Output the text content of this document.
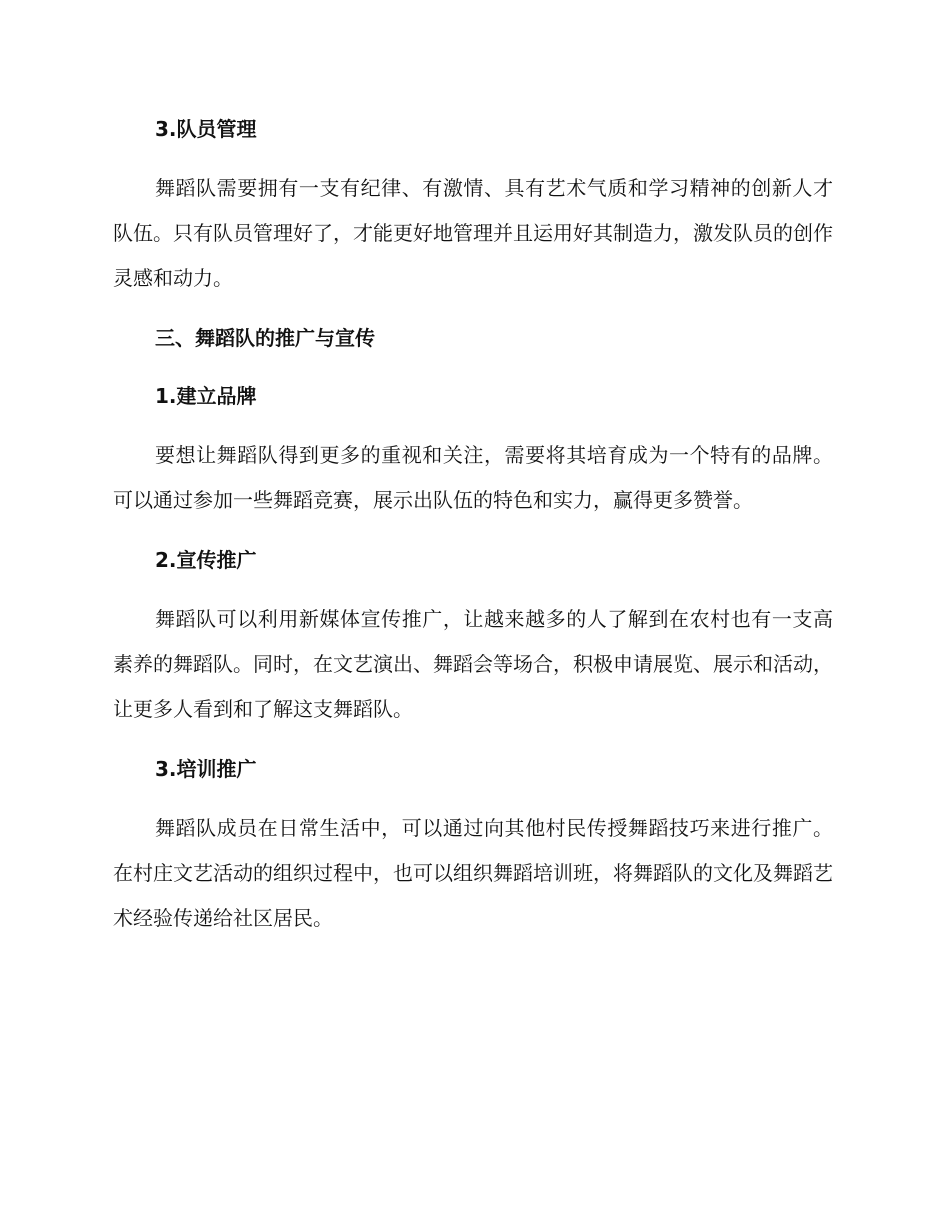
3.队员管理

舞蹈队需要拥有一支有纪律、有激情、具有艺术气质和学习精神的创新人才队伍。只有队员管理好了，才能更好地管理并且运用好其制造力，激发队员的创作灵感和动力。

三、舞蹈队的推广与宣传

1.建立品牌

要想让舞蹈队得到更多的重视和关注，需要将其培育成为一个特有的品牌。可以通过参加一些舞蹈竞赛，展示出队伍的特色和实力，赢得更多赞誉。

2.宣传推广

舞蹈队可以利用新媒体宣传推广，让越来越多的人了解到在农村也有一支高素养的舞蹈队。同时，在文艺演出、舞蹈会等场合，积极申请展览、展示和活动，让更多人看到和了解这支舞蹈队。

3.培训推广

舞蹈队成员在日常生活中，可以通过向其他村民传授舞蹈技巧来进行推广。在村庄文艺活动的组织过程中，也可以组织舞蹈培训班，将舞蹈队的文化及舞蹈艺术经验传递给社区居民。
